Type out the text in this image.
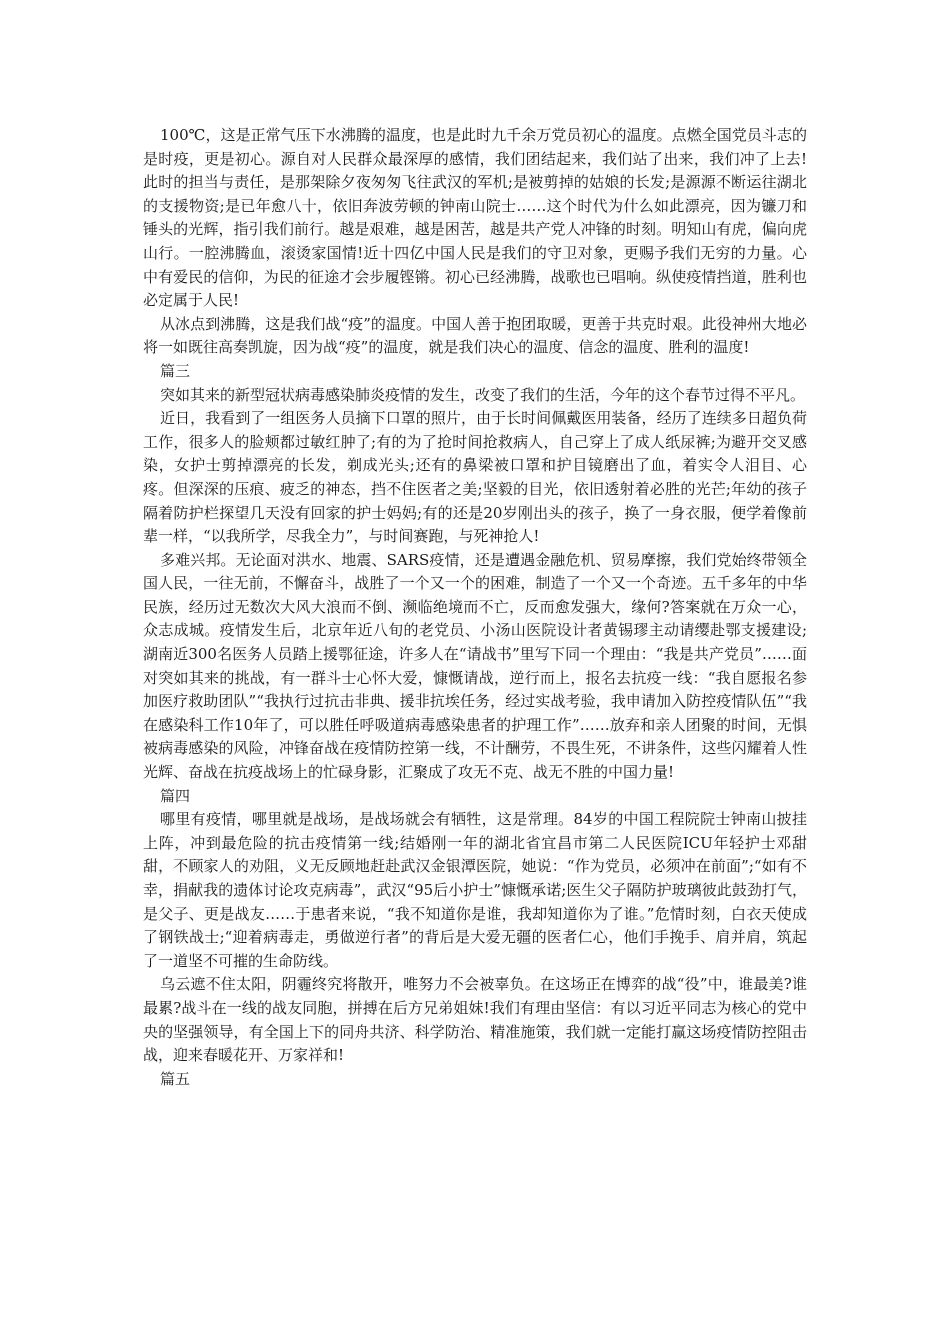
100℃，这是正常气压下水沸腾的温度，也是此时九千余万党员初心的温度。点燃全国党员斗志的是时疫，更是初心。源自对人民群众最深厚的感情，我们团结起来，我们站了出来，我们冲了上去!此时的担当与责任，是那架除夕夜匆匆飞往武汉的军机;是被剪掉的姑娘的长发;是源源不断运往湖北的支援物资;是已年愈八十，依旧奔波劳顿的钟南山院士……这个时代为什么如此漂亮，因为镰刀和锤头的光辉，指引我们前行。越是艰难，越是困苦，越是共产党人冲锋的时刻。明知山有虎，偏向虎山行。一腔沸腾血，滚烫家国情!近十四亿中国人民是我们的守卫对象，更赐予我们无穷的力量。心中有爱民的信仰，为民的征途才会步履铿锵。初心已经沸腾，战歌也已唱响。纵使疫情挡道，胜利也必定属于人民!

从冰点到沸腾，这是我们战“疫”的温度。中国人善于抱团取暖，更善于共克时艰。此役神州大地必将一如既往高奏凯旋，因为战“疫”的温度，就是我们决心的温度、信念的温度、胜利的温度!

篇三

突如其来的新型冠状病毒感染肺炎疫情的发生，改变了我们的生活，今年的这个春节过得不平凡。

近日，我看到了一组医务人员摘下口罩的照片，由于长时间佩戴医用装备，经历了连续多日超负荷工作，很多人的脸颊都过敏红肿了;有的为了抢时间抢救病人，自己穿上了成人纸尿裤;为避开交叉感染，女护士剪掉漂亮的长发，剃成光头;还有的鼻梁被口罩和护目镜磨出了血，着实令人泪目、心疼。但深深的压痕、疲乏的神态，挡不住医者之美;坚毅的目光，依旧透射着必胜的光芒;年幼的孩子隔着防护栏探望几天没有回家的护士妈妈;有的还是20岁刚出头的孩子，换了一身衣服，便学着像前辈一样，“以我所学，尽我全力”，与时间赛跑，与死神抢人!

多难兴邦。无论面对洪水、地震、SARS疫情，还是遭遇金融危机、贸易摩擦，我们党始终带领全国人民，一往无前，不懈奋斗，战胜了一个又一个的困难，制造了一个又一个奇迹。五千多年的中华民族，经历过无数次大风大浪而不倒、濒临绝境而不亡，反而愈发强大，缘何?答案就在万众一心，众志成城。疫情发生后，北京年近八旬的老党员、小汤山医院设计者黄锡璆主动请缨赴鄂支援建设;湖南近300名医务人员踏上援鄂征途，许多人在“请战书”里写下同一个理由：“我是共产党员”……面对突如其来的挑战，有一群斗士心怀大爱，慷慨请战，逆行而上，报名去抗疫一线：“我自愿报名参加医疗救助团队”“我执行过抗击非典、援非抗埃任务，经过实战考验，我申请加入防控疫情队伍”“我在感染科工作10年了，可以胜任呼吸道病毒感染患者的护理工作”……放弃和亲人团聚的时间，无惧被病毒感染的风险，冲锋奋战在疫情防控第一线，不计酬劳，不畏生死，不讲条件，这些闪耀着人性光辉、奋战在抗疫战场上的忙碌身影，汇聚成了攻无不克、战无不胜的中国力量!

篇四

哪里有疫情，哪里就是战场，是战场就会有牺牲，这是常理。84岁的中国工程院院士钟南山披挂上阵，冲到最危险的抗击疫情第一线;结婚刚一年的湖北省宜昌市第二人民医院ICU年轻护士邓甜甜，不顾家人的劝阻，义无反顾地赶赴武汉金银潭医院，她说：“作为党员，必须冲在前面”;“如有不幸，捐献我的遗体讨论攻克病毒”，武汉“95后小护士”慷慨承诺;医生父子隔防护玻璃彼此鼓劲打气，是父子、更是战友……于患者来说，“我不知道你是谁，我却知道你为了谁。”危情时刻，白衣天使成了钢铁战士;“迎着病毒走，勇做逆行者”的背后是大爱无疆的医者仁心，他们手挽手、肩并肩，筑起了一道坚不可摧的生命防线。

乌云遮不住太阳，阴霾终究将散开，唯努力不会被辜负。在这场正在博弈的战“役”中，谁最美?谁最累?战斗在一线的战友同胞，拼搏在后方兄弟姐妹!我们有理由坚信：有以习近平同志为核心的党中央的坚强领导，有全国上下的同舟共济、科学防治、精准施策，我们就一定能打赢这场疫情防控阻击战，迎来春暖花开、万家祥和!

篇五
